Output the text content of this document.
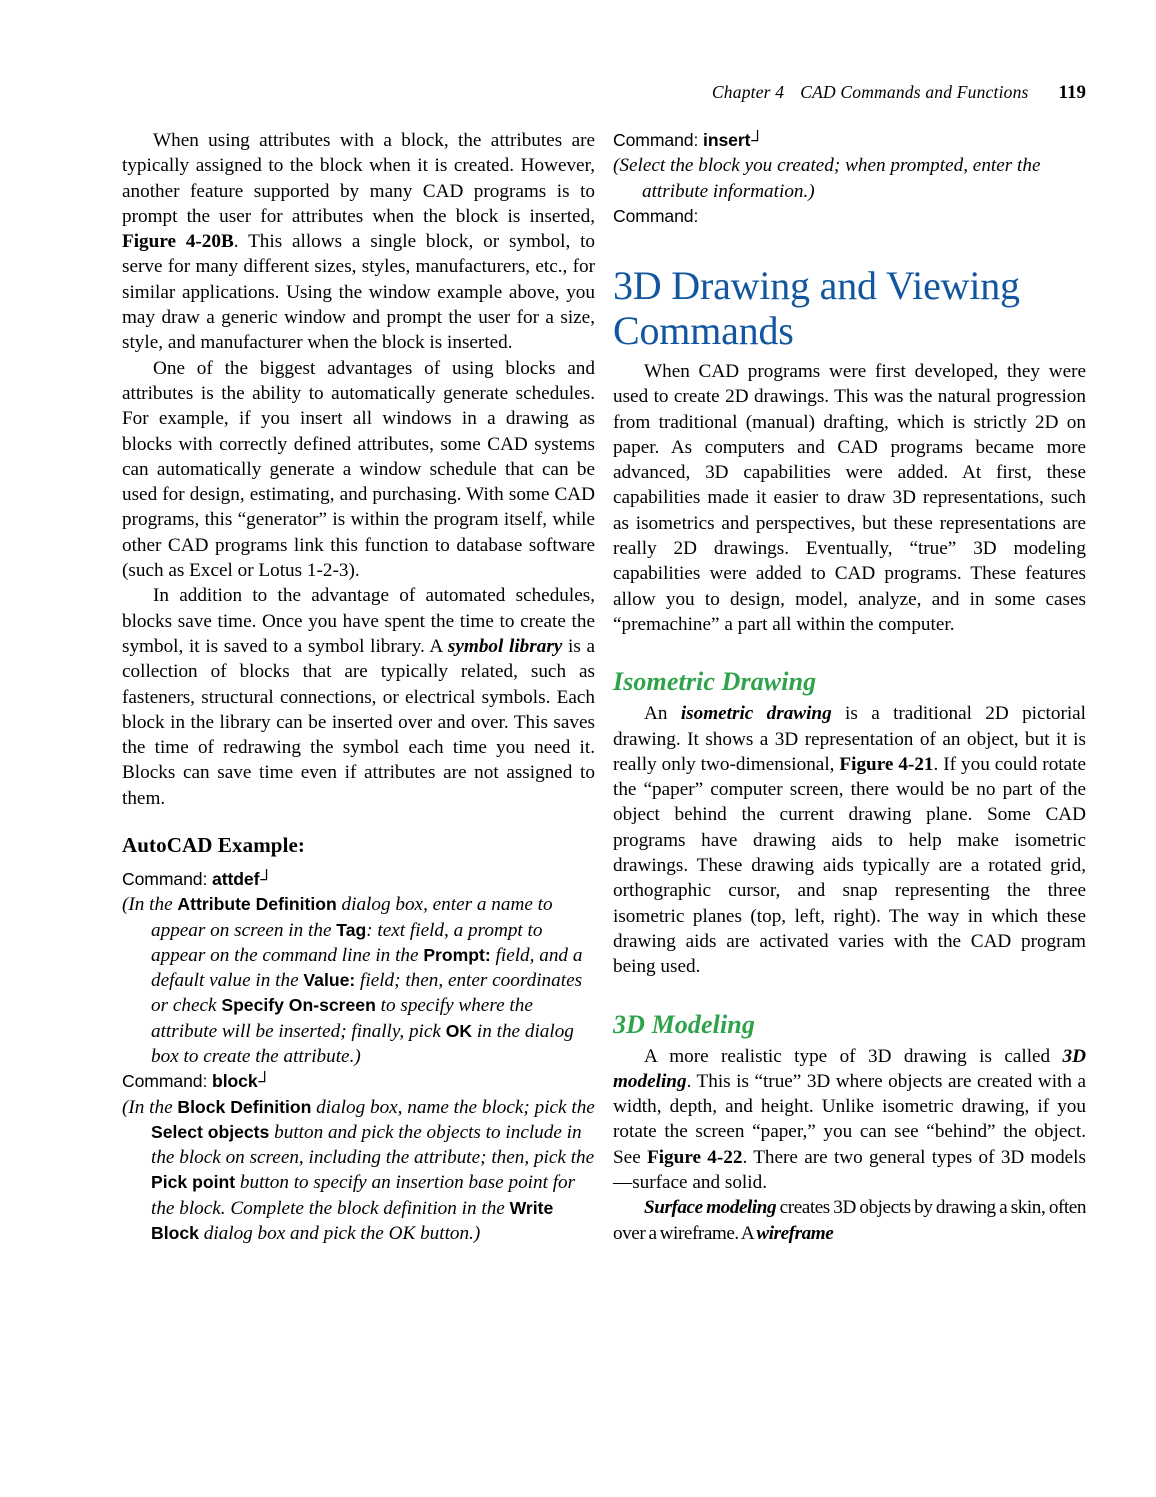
Chapter 4 CAD Commands and Functions 119

When using attributes with a block, the attributes are typically assigned to the block when it is created. However, another feature supported by many CAD programs is to prompt the user for attributes when the block is inserted, Figure 4-20B. This allows a single block, or symbol, to serve for many different sizes, styles, manufacturers, etc., for similar applications. Using the window example above, you may draw a generic window and prompt the user for a size, style, and manufacturer when the block is inserted.

One of the biggest advantages of using blocks and attributes is the ability to automatically generate schedules. For example, if you insert all windows in a drawing as blocks with correctly defined attributes, some CAD systems can automatically generate a window schedule that can be used for design, estimating, and purchasing. With some CAD programs, this “generator” is within the program itself, while other CAD programs link this function to database software (such as Excel or Lotus 1-2-3).

In addition to the advantage of automated schedules, blocks save time. Once you have spent the time to create the symbol, it is saved to a symbol library. A symbol library is a collection of blocks that are typically related, such as fasteners, structural connections, or electrical symbols. Each block in the library can be inserted over and over. This saves the time of redrawing the symbol each time you need it. Blocks can save time even if attributes are not assigned to them.

AutoCAD Example:

Command: attdef┘

(In the Attribute Definition dialog box, enter a name to appear on screen in the Tag: text field, a prompt to appear on the command line in the Prompt: field, and a default value in the Value: field; then, enter coordinates or check Specify On-screen to specify where the attribute will be inserted; finally, pick OK in the dialog box to create the attribute.)

Command: block┘

(In the Block Definition dialog box, name the block; pick the Select objects button and pick the objects to include in the block on screen, including the attribute; then, pick the Pick point button to specify an insertion base point for the block. Complete the block definition in the Write Block dialog box and pick the OK button.)

Command: insert┘

(Select the block you created; when prompted, enter the attribute information.)

Command:

3D Drawing and Viewing Commands

When CAD programs were first developed, they were used to create 2D drawings. This was the natural progression from traditional (manual) drafting, which is strictly 2D on paper. As computers and CAD programs became more advanced, 3D capabilities were added. At first, these capabilities made it easier to draw 3D representations, such as isometrics and perspectives, but these representations are really 2D drawings. Eventually, “true” 3D modeling capabilities were added to CAD programs. These features allow you to design, model, analyze, and in some cases “premachine” a part all within the computer.

Isometric Drawing

An isometric drawing is a traditional 2D pictorial drawing. It shows a 3D representation of an object, but it is really only two-dimensional, Figure 4-21. If you could rotate the “paper” computer screen, there would be no part of the object behind the current drawing plane. Some CAD programs have drawing aids to help make isometric drawings. These drawing aids typically are a rotated grid, orthographic cursor, and snap representing the three isometric planes (top, left, right). The way in which these drawing aids are activated varies with the CAD program being used.

3D Modeling

A more realistic type of 3D drawing is called 3D modeling. This is “true” 3D where objects are created with a width, depth, and height. Unlike isometric drawing, if you rotate the screen “paper,” you can see “behind” the object. See Figure 4-22. There are two general types of 3D models—surface and solid.

Surface modeling creates 3D objects by drawing a skin, often over a wireframe. A wireframe
